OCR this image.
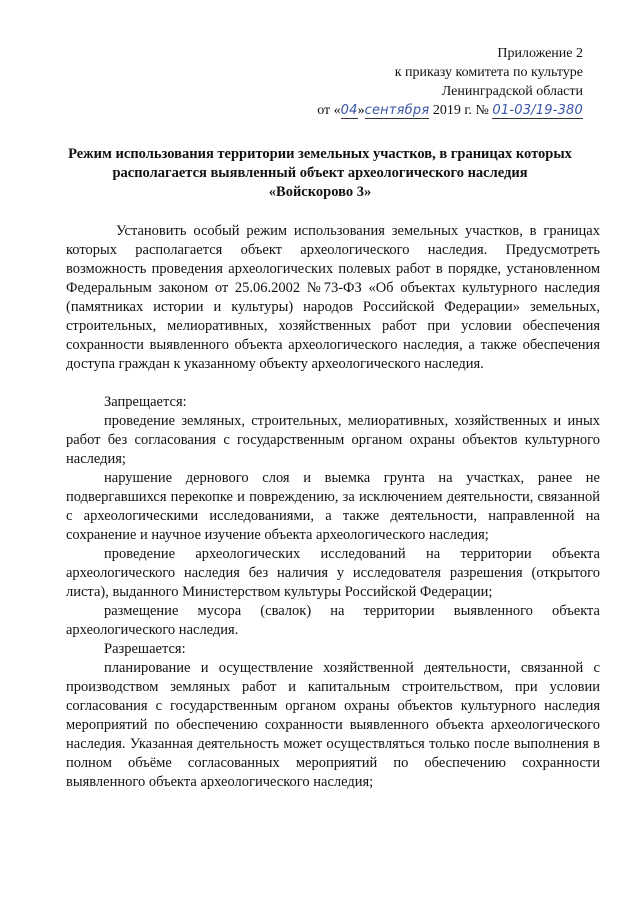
Приложение 2
к приказу комитета по культуре
Ленинградской области
от «04»сентября 2019 г. № 01-03/19-380
Режим использования территории земельных участков, в границах которых
располагается выявленный объект археологического наследия
«Войскорово 3»

Установить особый режим использования земельных участков, в границах которых располагается объект археологического наследия. Предусмотреть возможность проведения археологических полевых работ в порядке, установленном Федеральным законом от 25.06.2002 №73-ФЗ «Об объектах культурного наследия (памятниках истории и культуры) народов Российской Федерации» земельных, строительных, мелиоративных, хозяйственных работ при условии обеспечения сохранности выявленного объекта археологического наследия, а также обеспечения доступа граждан к указанному объекту археологического наследия.

Запрещается:

проведение земляных, строительных, мелиоративных, хозяйственных и иных работ без согласования с государственным органом охраны объектов культурного наследия;

нарушение дернового слоя и выемка грунта на участках, ранее не подвергавшихся перекопке и повреждению, за исключением деятельности, связанной с археологическими исследованиями, а также деятельности, направленной на сохранение и научное изучение объекта археологического наследия;

проведение археологических исследований на территории объекта археологического наследия без наличия у исследователя разрешения (открытого листа), выданного Министерством культуры Российской Федерации;

размещение мусора (свалок) на территории выявленного объекта археологического наследия.

Разрешается:

планирование и осуществление хозяйственной деятельности, связанной с производством земляных работ и капитальным строительством, при условии согласования с государственным органом охраны объектов культурного наследия мероприятий по обеспечению сохранности выявленного объекта археологического наследия. Указанная деятельность может осуществляться только после выполнения в полном объёме согласованных мероприятий по обеспечению сохранности выявленного объекта археологического наследия;
